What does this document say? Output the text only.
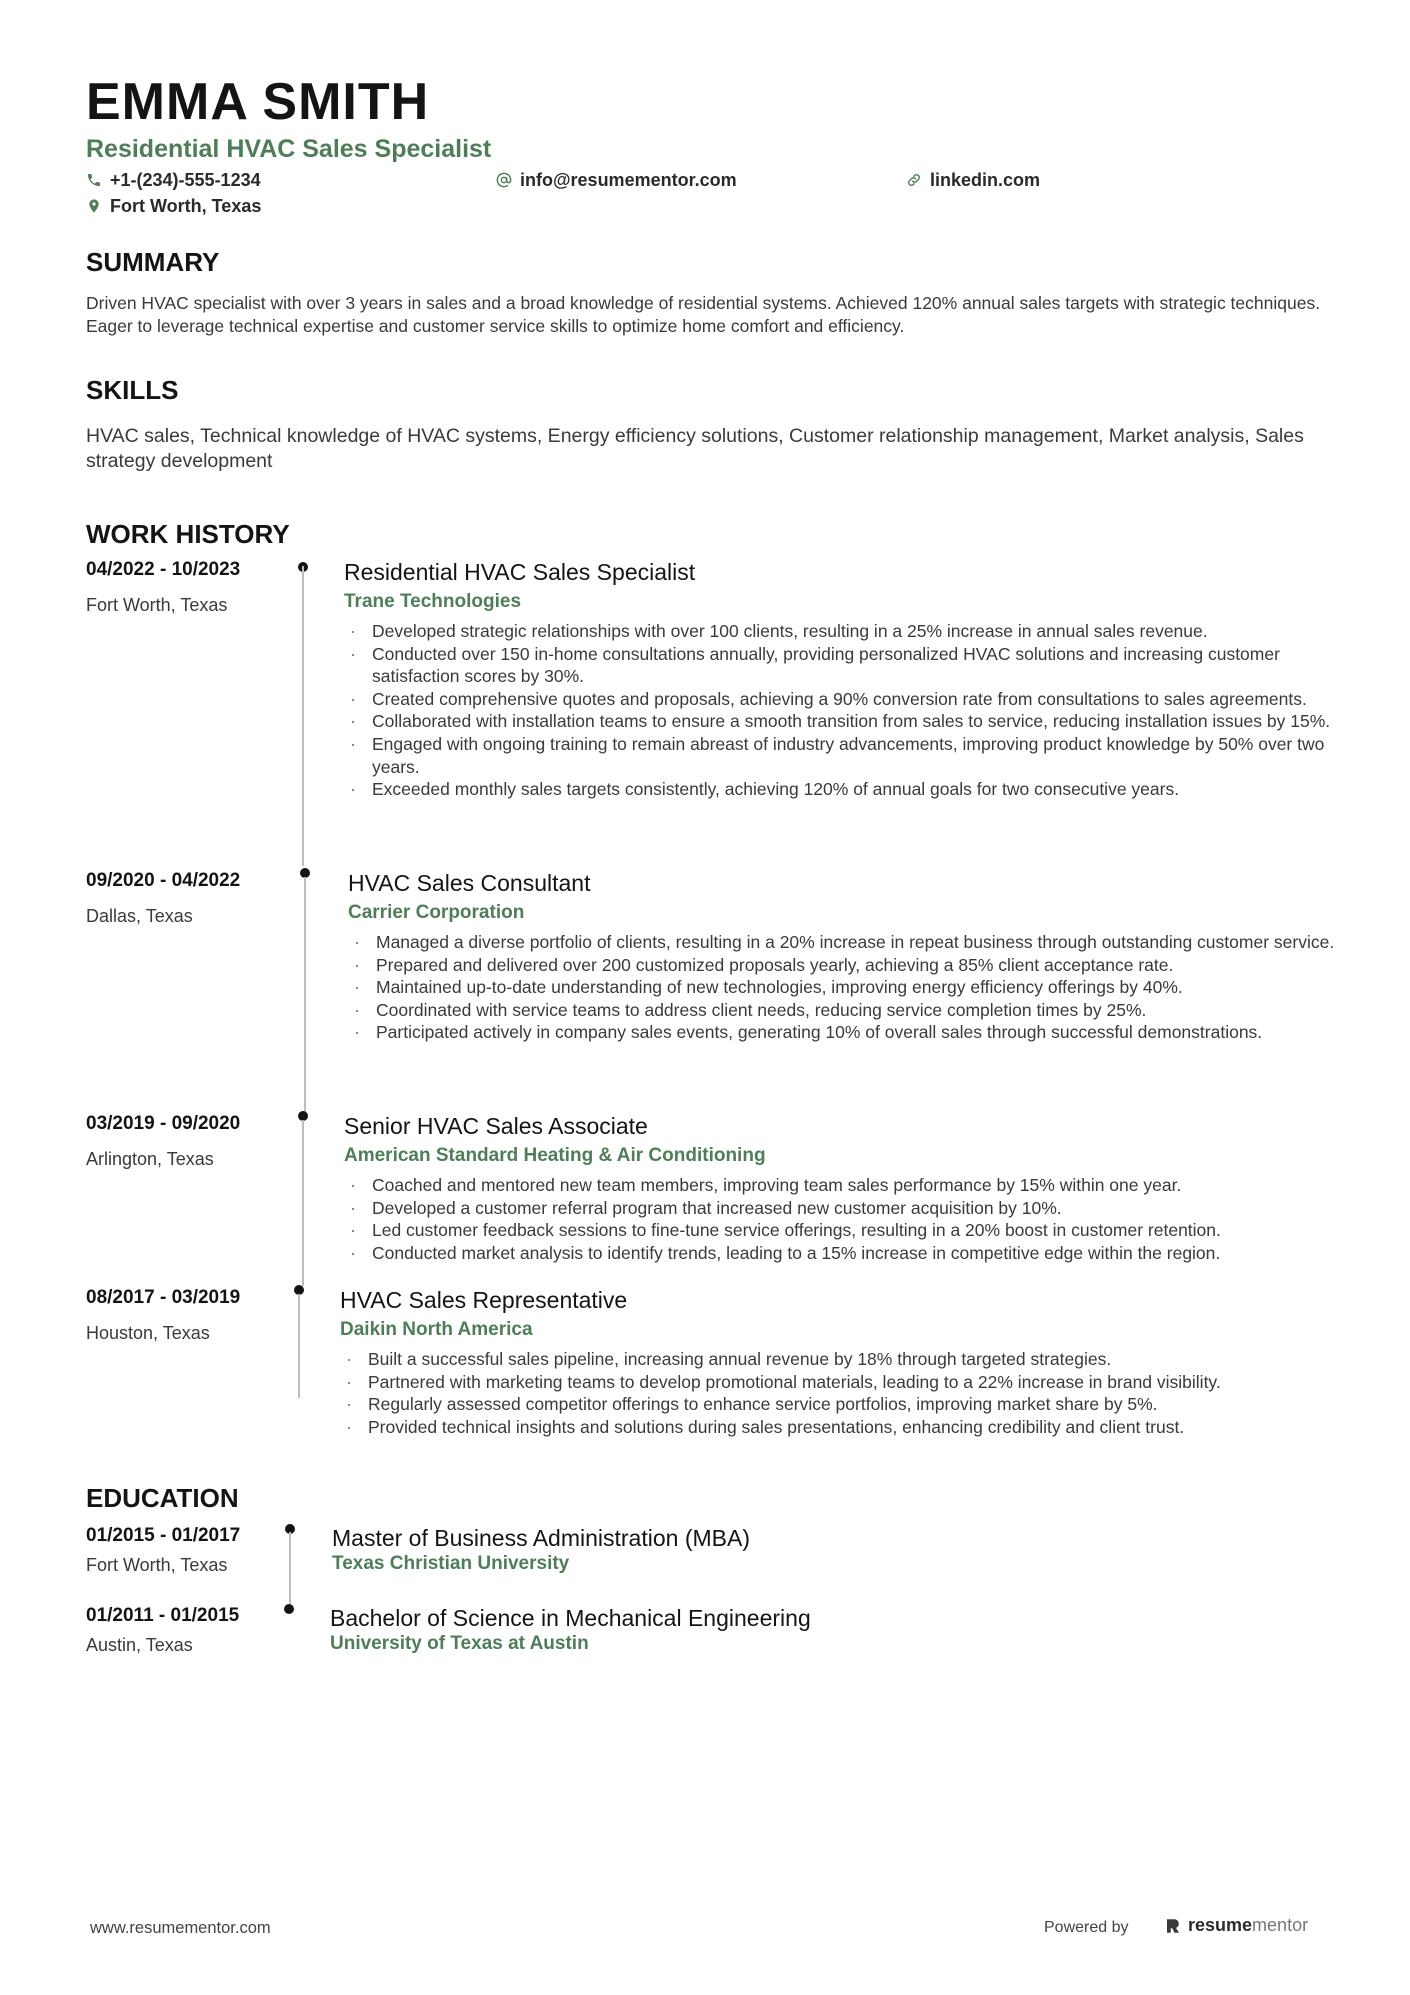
EMMA SMITH
Residential HVAC Sales Specialist
+1-(234)-555-1234	info@resumementor.com	linkedin.com
Fort Worth, Texas
SUMMARY

Driven HVAC specialist with over 3 years in sales and a broad knowledge of residential systems. Achieved 120% annual sales targets with strategic techniques. Eager to leverage technical expertise and customer service skills to optimize home comfort and efficiency.

SKILLS

HVAC sales, Technical knowledge of HVAC systems, Energy efficiency solutions, Customer relationship management, Market analysis, Sales strategy development

WORK HISTORY
04/2022 - 10/2023
Fort Worth, Texas
Residential HVAC Sales Specialist
Trane Technologies
· Developed strategic relationships with over 100 clients, resulting in a 25% increase in annual sales revenue.
· Conducted over 150 in-home consultations annually, providing personalized HVAC solutions and increasing customer satisfaction scores by 30%.
· Created comprehensive quotes and proposals, achieving a 90% conversion rate from consultations to sales agreements.
· Collaborated with installation teams to ensure a smooth transition from sales to service, reducing installation issues by 15%.
· Engaged with ongoing training to remain abreast of industry advancements, improving product knowledge by 50% over two years.
· Exceeded monthly sales targets consistently, achieving 120% of annual goals for two consecutive years.
09/2020 - 04/2022
Dallas, Texas
HVAC Sales Consultant
Carrier Corporation
· Managed a diverse portfolio of clients, resulting in a 20% increase in repeat business through outstanding customer service.
· Prepared and delivered over 200 customized proposals yearly, achieving a 85% client acceptance rate.
· Maintained up-to-date understanding of new technologies, improving energy efficiency offerings by 40%.
· Coordinated with service teams to address client needs, reducing service completion times by 25%.
· Participated actively in company sales events, generating 10% of overall sales through successful demonstrations.
03/2019 - 09/2020
Arlington, Texas
Senior HVAC Sales Associate
American Standard Heating & Air Conditioning
· Coached and mentored new team members, improving team sales performance by 15% within one year.
· Developed a customer referral program that increased new customer acquisition by 10%.
· Led customer feedback sessions to fine-tune service offerings, resulting in a 20% boost in customer retention.
· Conducted market analysis to identify trends, leading to a 15% increase in competitive edge within the region.
08/2017 - 03/2019
Houston, Texas
HVAC Sales Representative
Daikin North America
· Built a successful sales pipeline, increasing annual revenue by 18% through targeted strategies.
· Partnered with marketing teams to develop promotional materials, leading to a 22% increase in brand visibility.
· Regularly assessed competitor offerings to enhance service portfolios, improving market share by 5%.
· Provided technical insights and solutions during sales presentations, enhancing credibility and client trust.
EDUCATION
01/2015 - 01/2017
Fort Worth, Texas
Master of Business Administration (MBA)
Texas Christian University
01/2011 - 01/2015
Austin, Texas
Bachelor of Science in Mechanical Engineering
University of Texas at Austin
www.resumementor.com	Powered by	resumementor
